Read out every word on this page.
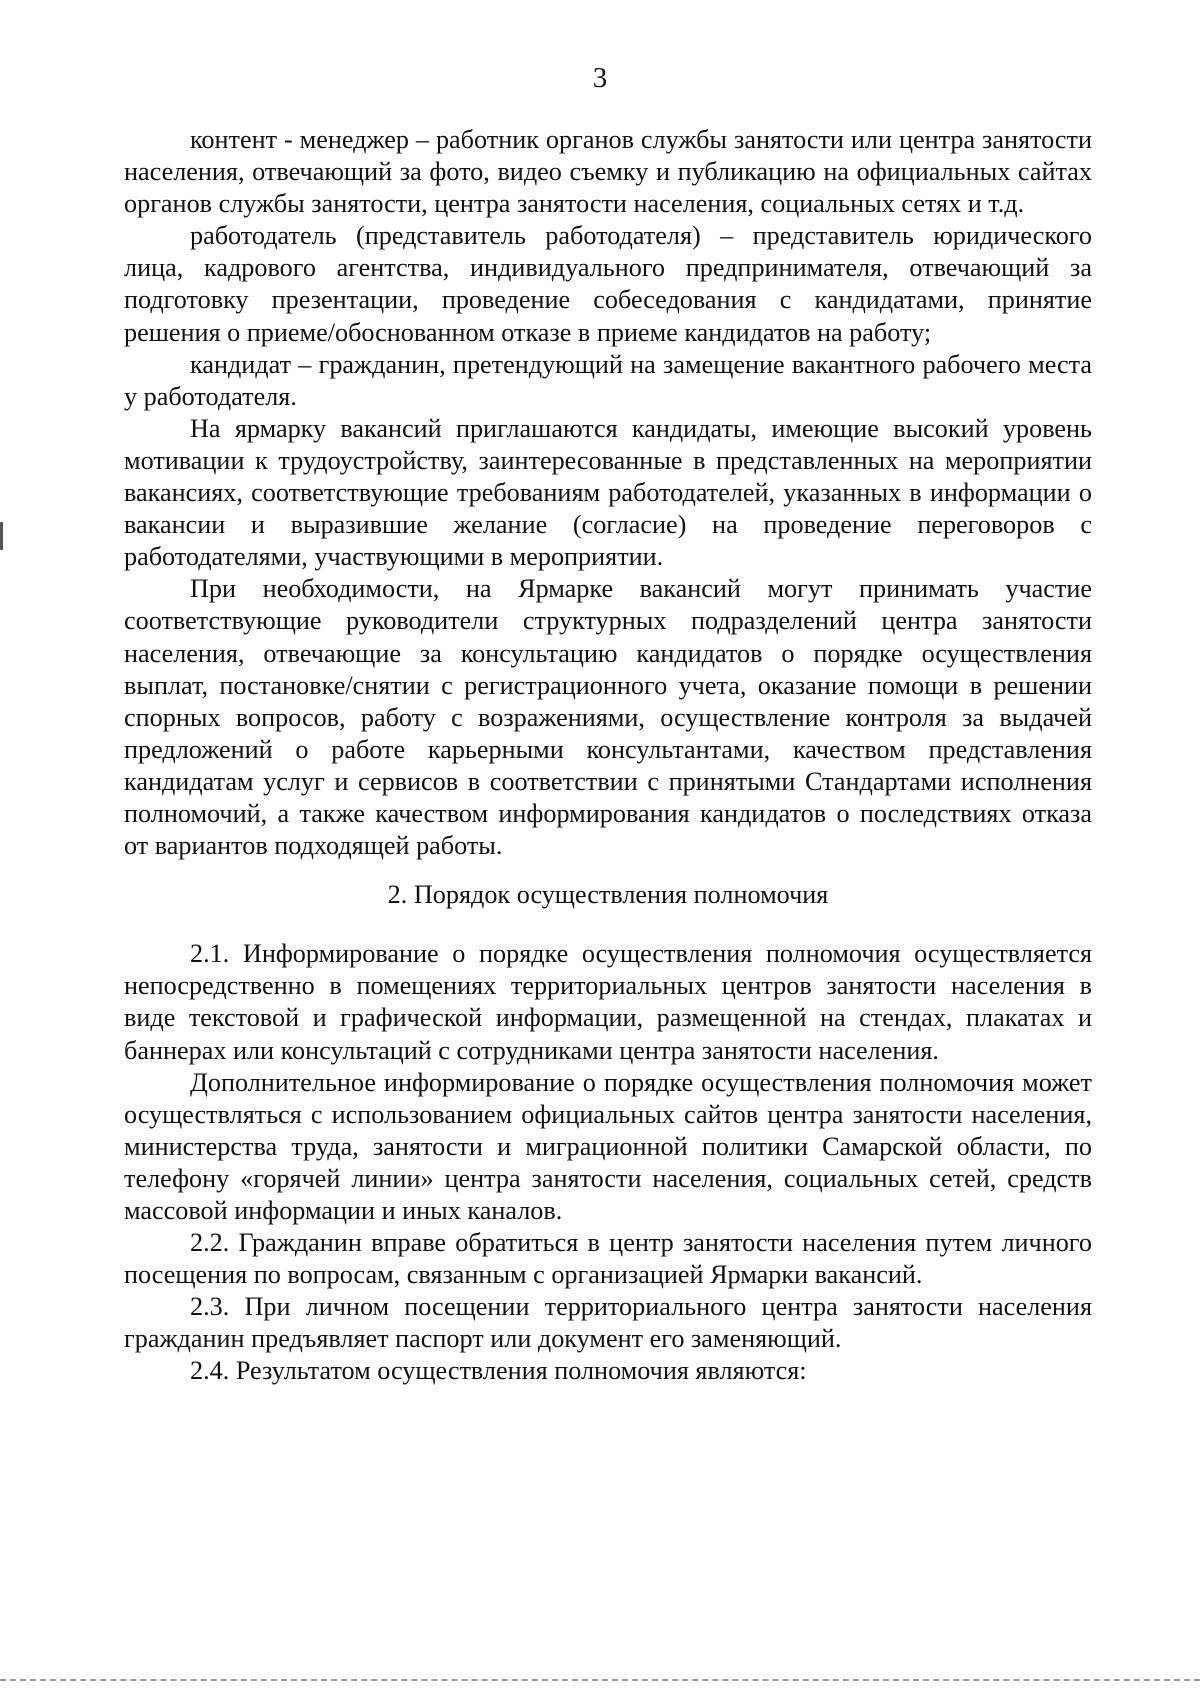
3

контент - менеджер – работник органов службы занятости или центра занятости населения, отвечающий за фото, видео съемку и публикацию на официальных сайтах органов службы занятости, центра занятости населения, социальных сетях и т.д.

работодатель (представитель работодателя) – представитель юридического лица, кадрового агентства, индивидуального предпринимателя, отвечающий за подготовку презентации, проведение собеседования с кандидатами, принятие решения о приеме/обоснованном отказе в приеме кандидатов на работу;

кандидат – гражданин, претендующий на замещение вакантного рабочего места у работодателя.

На ярмарку вакансий приглашаются кандидаты, имеющие высокий уровень мотивации к трудоустройству, заинтересованные в представленных на мероприятии вакансиях, соответствующие требованиям работодателей, указанных в информации о вакансии и выразившие желание (согласие) на проведение переговоров с работодателями, участвующими в мероприятии.

При необходимости, на Ярмарке вакансий могут принимать участие соответствующие руководители структурных подразделений центра занятости населения, отвечающие за консультацию кандидатов о порядке осуществления выплат, постановке/снятии с регистрационного учета, оказание помощи в решении спорных вопросов, работу с возражениями, осуществление контроля за выдачей предложений о работе карьерными консультантами, качеством представления кандидатам услуг и сервисов в соответствии с принятыми Стандартами исполнения полномочий, а также качеством информирования кандидатов о последствиях отказа от вариантов подходящей работы.

2. Порядок осуществления полномочия

2.1. Информирование о порядке осуществления полномочия осуществляется непосредственно в помещениях территориальных центров занятости населения в виде текстовой и графической информации, размещенной на стендах, плакатах и баннерах или консультаций с сотрудниками центра занятости населения.

Дополнительное информирование о порядке осуществления полномочия может осуществляться с использованием официальных сайтов центра занятости населения, министерства труда, занятости и миграционной политики Самарской области, по телефону «горячей линии» центра занятости населения, социальных сетей, средств массовой информации и иных каналов.

2.2. Гражданин вправе обратиться в центр занятости населения путем личного посещения по вопросам, связанным с организацией Ярмарки вакансий.

2.3. При личном посещении территориального центра занятости населения гражданин предъявляет паспорт или документ его заменяющий.

2.4. Результатом осуществления полномочия являются:
